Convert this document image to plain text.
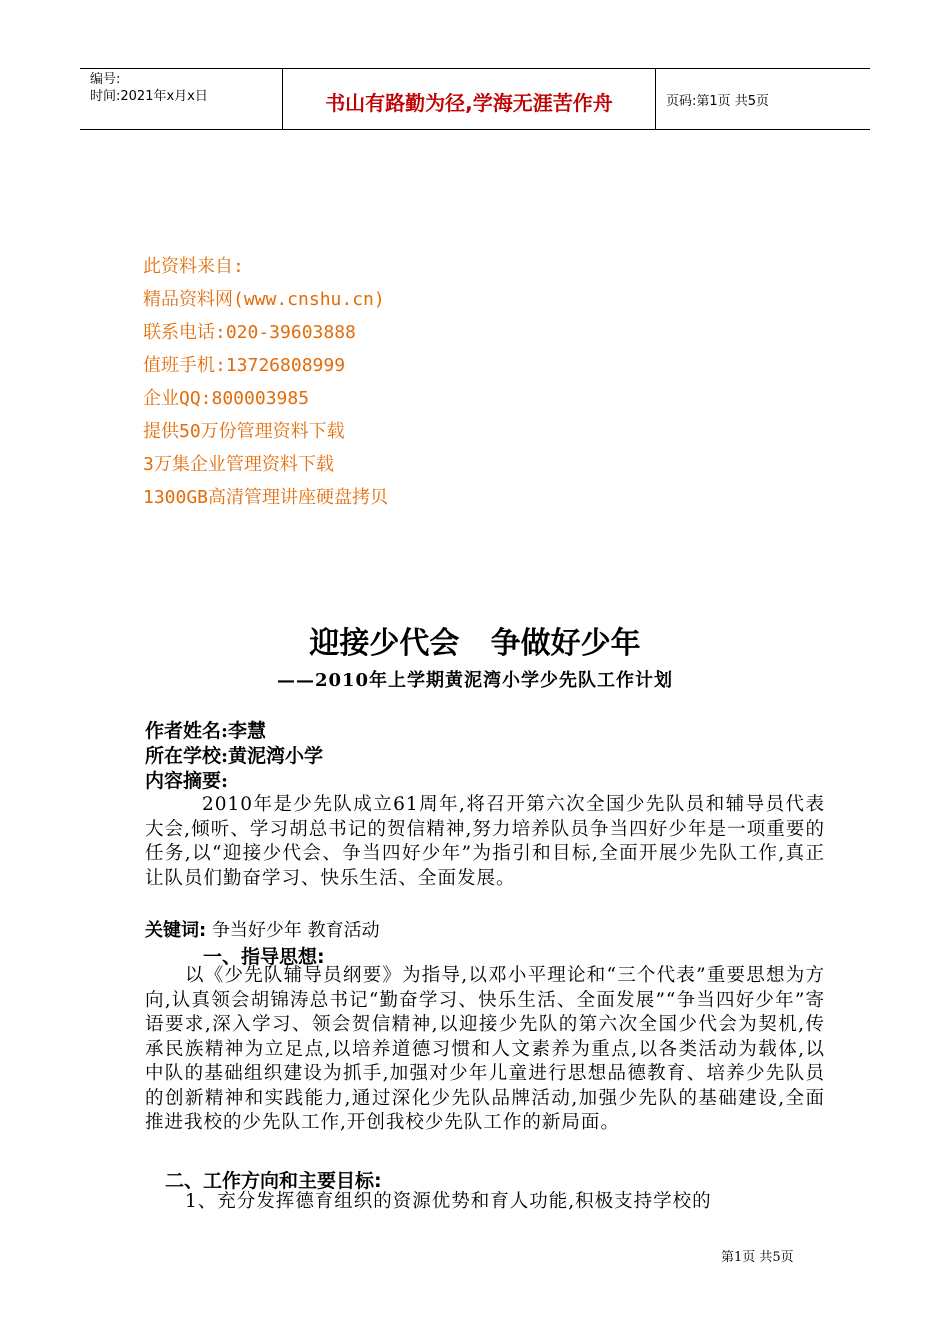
编号:
时间:2021年x月x日	书山有路勤为径,学海无涯苦作舟	页码:第1页 共5页
此资料来自:
精品资料网(www.cnshu.cn)
联系电话:020-39603888
值班手机:13726808999
企业QQ:800003985
提供50万份管理资料下载
3万集企业管理资料下载
1300GB高清管理讲座硬盘拷贝
迎接少代会   争做好少年
——2010年上学期黄泥湾小学少先队工作计划
作者姓名:李慧
所在学校:黄泥湾小学
内容摘要:
2010年是少先队成立61周年,将召开第六次全国少先队员和辅导员代表大会,倾听、学习胡总书记的贺信精神,努力培养队员争当四好少年是一项重要的任务,以“迎接少代会、争当四好少年”为指引和目标,全面开展少先队工作,真正让队员们勤奋学习、快乐生活、全面发展。
关键词: 争当好少年 教育活动
一、指导思想:
以《少先队辅导员纲要》为指导,以邓小平理论和“三个代表”重要思想为方向,认真领会胡锦涛总书记“勤奋学习、快乐生活、全面发展”“争当四好少年”寄语要求,深入学习、领会贺信精神,以迎接少先队的第六次全国少代会为契机,传承民族精神为立足点,以培养道德习惯和人文素养为重点,以各类活动为载体,以中队的基础组织建设为抓手,加强对少年儿童进行思想品德教育、培养少先队员的创新精神和实践能力,通过深化少先队品牌活动,加强少先队的基础建设,全面推进我校的少先队工作,开创我校少先队工作的新局面。
二、工作方向和主要目标:
1、充分发挥德育组织的资源优势和育人功能,积极支持学校的
第1页 共5页
